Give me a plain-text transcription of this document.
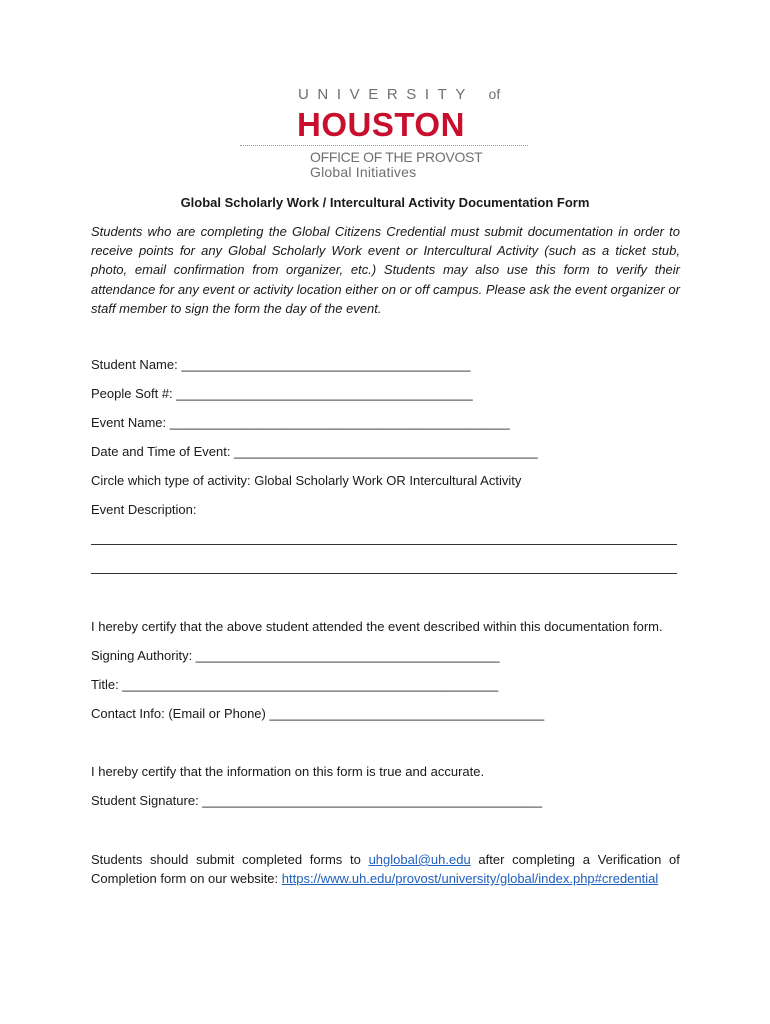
UNIVERSITY of
HOUSTON
OFFICE OF THE PROVOST
Global Initiatives
Global Scholarly Work / Intercultural Activity Documentation Form
Students who are completing the Global Citizens Credential must submit documentation in order to receive points for any Global Scholarly Work event or Intercultural Activity (such as a ticket stub, photo, email confirmation from organizer, etc.) Students may also use this form to verify their attendance for any event or activity location either on or off campus. Please ask the event organizer or staff member to sign the form the day of the event.
Student Name: ________________________________________
People Soft #: _________________________________________
Event Name: _______________________________________________
Date and Time of Event: __________________________________________
Circle which type of activity: Global Scholarly Work OR Intercultural Activity
Event Description:
I hereby certify that the above student attended the event described within this documentation form.
Signing Authority: __________________________________________
Title: ____________________________________________________
Contact Info: (Email or Phone) ______________________________________
I hereby certify that the information on this form is true and accurate.
Student Signature: _______________________________________________
Students should submit completed forms to uhglobal@uh.edu after completing a Verification of
Completion form on our website: https://www.uh.edu/provost/university/global/index.php#credential
